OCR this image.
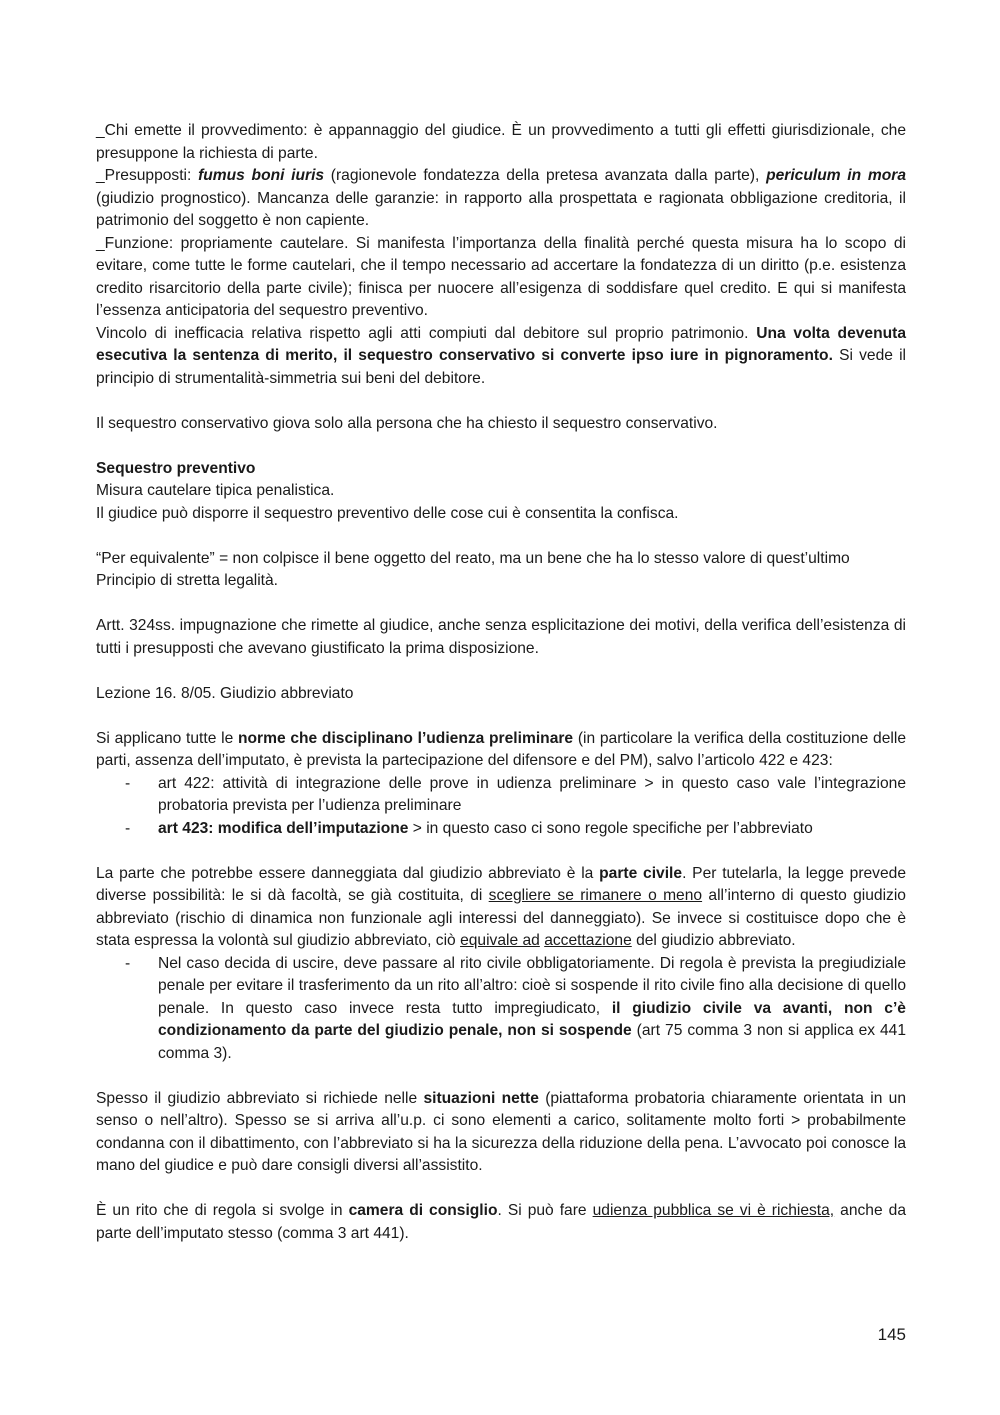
_Chi emette il provvedimento: è appannaggio del giudice. È un provvedimento a tutti gli effetti giurisdizionale, che presuppone la richiesta di parte.

_Presupposti: fumus boni iuris (ragionevole fondatezza della pretesa avanzata dalla parte), periculum in mora (giudizio prognostico). Mancanza delle garanzie: in rapporto alla prospettata e ragionata obbligazione creditoria, il patrimonio del soggetto è non capiente.

_Funzione: propriamente cautelare. Si manifesta l’importanza della finalità perché questa misura ha lo scopo di evitare, come tutte le forme cautelari, che il tempo necessario ad accertare la fondatezza di un diritto (p.e. esistenza credito risarcitorio della parte civile); finisca per nuocere all’esigenza di soddisfare quel credito. E qui si manifesta l’essenza anticipatoria del sequestro preventivo.

Vincolo di inefficacia relativa rispetto agli atti compiuti dal debitore sul proprio patrimonio. Una volta devenuta esecutiva la sentenza di merito, il sequestro conservativo si converte ipso iure in pignoramento. Si vede il principio di strumentalità-simmetria sui beni del debitore.

Il sequestro conservativo giova solo alla persona che ha chiesto il sequestro conservativo.

Sequestro preventivo

Misura cautelare tipica penalistica.

Il giudice può disporre il sequestro preventivo delle cose cui è consentita la confisca.

“Per equivalente” = non colpisce il bene oggetto del reato, ma un bene che ha lo stesso valore di quest’ultimo

Principio di stretta legalità.

Artt. 324ss. impugnazione che rimette al giudice, anche senza esplicitazione dei motivi, della verifica dell’esistenza di tutti i presupposti che avevano giustificato la prima disposizione.

Lezione 16. 8/05. Giudizio abbreviato

Si applicano tutte le norme che disciplinano l’udienza preliminare (in particolare la verifica della costituzione delle parti, assenza dell’imputato, è prevista la partecipazione del difensore e del PM), salvo l’articolo 422 e 423:

-	art 422: attività di integrazione delle prove in udienza preliminare > in questo caso vale l’integrazione probatoria prevista per l’udienza preliminare
-	art 423: modifica dell’imputazione > in questo caso ci sono regole specifiche per l’abbreviato

La parte che potrebbe essere danneggiata dal giudizio abbreviato è la parte civile. Per tutelarla, la legge prevede diverse possibilità: le si dà facoltà, se già costituita, di scegliere se rimanere o meno all’interno di questo giudizio abbreviato (rischio di dinamica non funzionale agli interessi del danneggiato). Se invece si costituisce dopo che è stata espressa la volontà sul giudizio abbreviato, ciò equivale ad accettazione del giudizio abbreviato.

-	Nel caso decida di uscire, deve passare al rito civile obbligatoriamente. Di regola è prevista la pregiudiziale penale per evitare il trasferimento da un rito all’altro: cioè si sospende il rito civile fino alla decisione di quello penale. In questo caso invece resta tutto impregiudicato, il giudizio civile va avanti, non c’è condizionamento da parte del giudizio penale, non si sospende (art 75 comma 3 non si applica ex 441 comma 3).

Spesso il giudizio abbreviato si richiede nelle situazioni nette (piattaforma probatoria chiaramente orientata in un senso o nell’altro). Spesso se si arriva all’u.p. ci sono elementi a carico, solitamente molto forti > probabilmente condanna con il dibattimento, con l’abbreviato si ha la sicurezza della riduzione della pena. L’avvocato poi conosce la mano del giudice e può dare consigli diversi all’assistito.

È un rito che di regola si svolge in camera di consiglio. Si può fare udienza pubblica se vi è richiesta, anche da parte dell’imputato stesso (comma 3 art 441).

145
